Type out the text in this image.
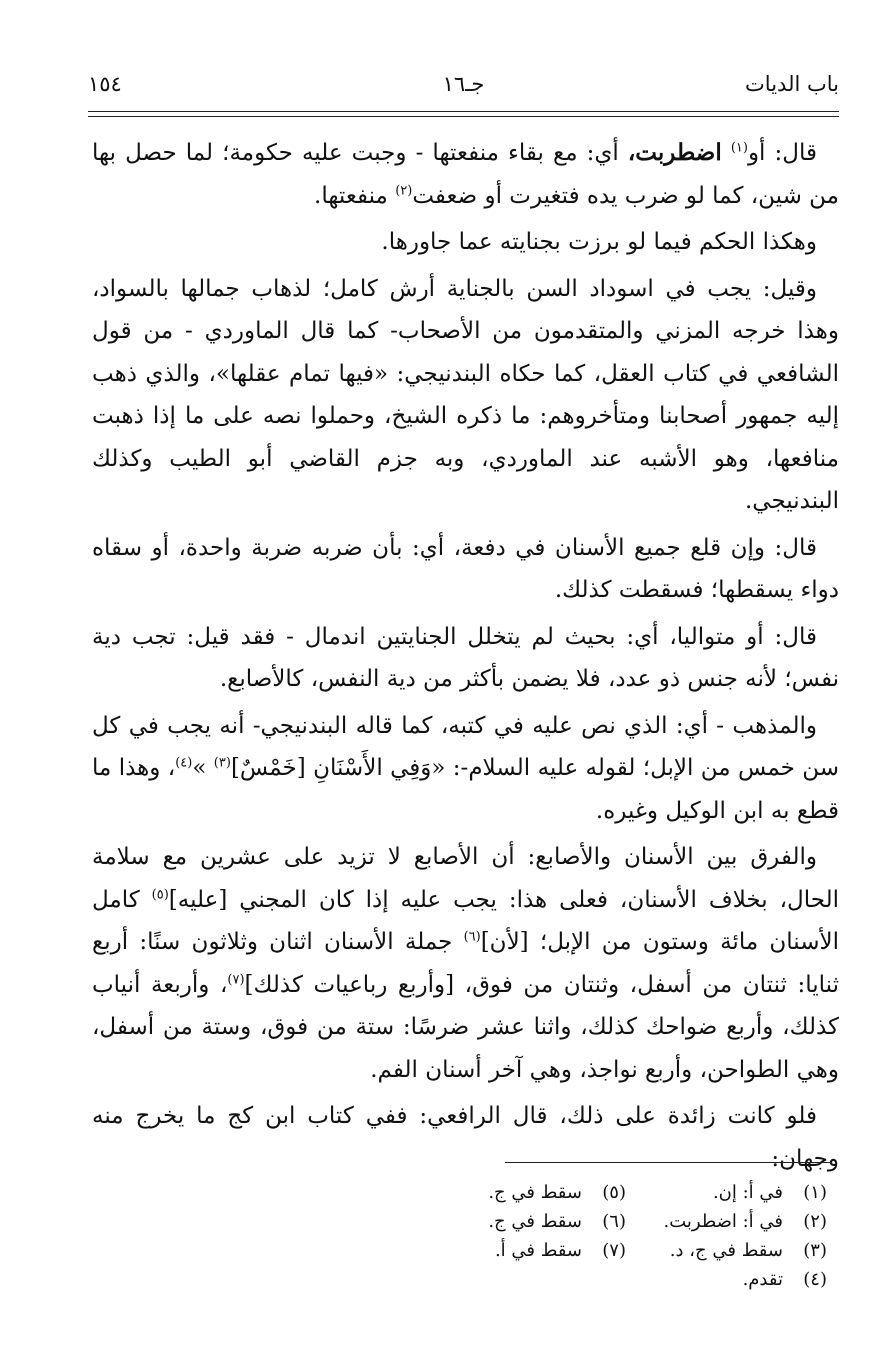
باب الديات
جـ١٦
١٥٤

قال: أو$^{(١)}$ اضطربت، أي: مع بقاء منفعتها - وجبت عليه حكومة؛ لما حصل بها من شين، كما لو ضرب يده فتغيرت أو ضعفت$^{(٢)}$ منفعتها.

وهكذا الحكم فيما لو برزت بجنايته عما جاورها.

وقيل: يجب في اسوداد السن بالجناية أرش كامل؛ لذهاب جمالها بالسواد، وهذا خرجه المزني والمتقدمون من الأصحاب- كما قال الماوردي - من قول الشافعي في كتاب العقل، كما حكاه البندنيجي: «فيها تمام عقلها»، والذي ذهب إليه جمهور أصحابنا ومتأخروهم: ما ذكره الشيخ، وحملوا نصه على ما إذا ذهبت منافعها، وهو الأشبه عند الماوردي، وبه جزم القاضي أبو الطيب وكذلك البندنيجي.

قال: وإن قلع جميع الأسنان في دفعة، أي: بأن ضربه ضربة واحدة، أو سقاه دواء يسقطها؛ فسقطت كذلك.

قال: أو متواليا، أي: بحيث لم يتخلل الجنايتين اندمال - فقد قيل: تجب دية نفس؛ لأنه جنس ذو عدد، فلا يضمن بأكثر من دية النفس، كالأصابع.

والمذهب - أي: الذي نص عليه في كتبه، كما قاله البندنيجي- أنه يجب في كل سن خمس من الإبل؛ لقوله عليه السلام-: «وَفِي الأَسْنَانِ [خَمْسٌ]$^{(٣)}$ »$^{(٤)}$، وهذا ما قطع به ابن الوكيل وغيره.

والفرق بين الأسنان والأصابع: أن الأصابع لا تزيد على عشرين مع سلامة الحال، بخلاف الأسنان، فعلى هذا: يجب عليه إذا كان المجني [عليه]$^{(٥)}$ كامل الأسنان مائة وستون من الإبل؛ [لأن]$^{(٦)}$ جملة الأسنان اثنان وثلاثون سنًا: أربع ثنايا: ثنتان من أسفل، وثنتان من فوق، [وأربع رباعيات كذلك]$^{(٧)}$، وأربعة أنياب كذلك، وأربع ضواحك كذلك، واثنا عشر ضرسًا: ستة من فوق، وستة من أسفل، وهي الطواحن، وأربع نواجذ، وهي آخر أسنان الفم.

فلو كانت زائدة على ذلك، قال الرافعي: ففي كتاب ابن كج ما يخرج منه وجهان:

(١)في أ: إن.
(٢)في أ: اضطربت.
(٣)سقط في ج، د.
(٤)تقدم.
(٥)سقط في ج.
(٦)سقط في ج.
(٧)سقط في أ.
